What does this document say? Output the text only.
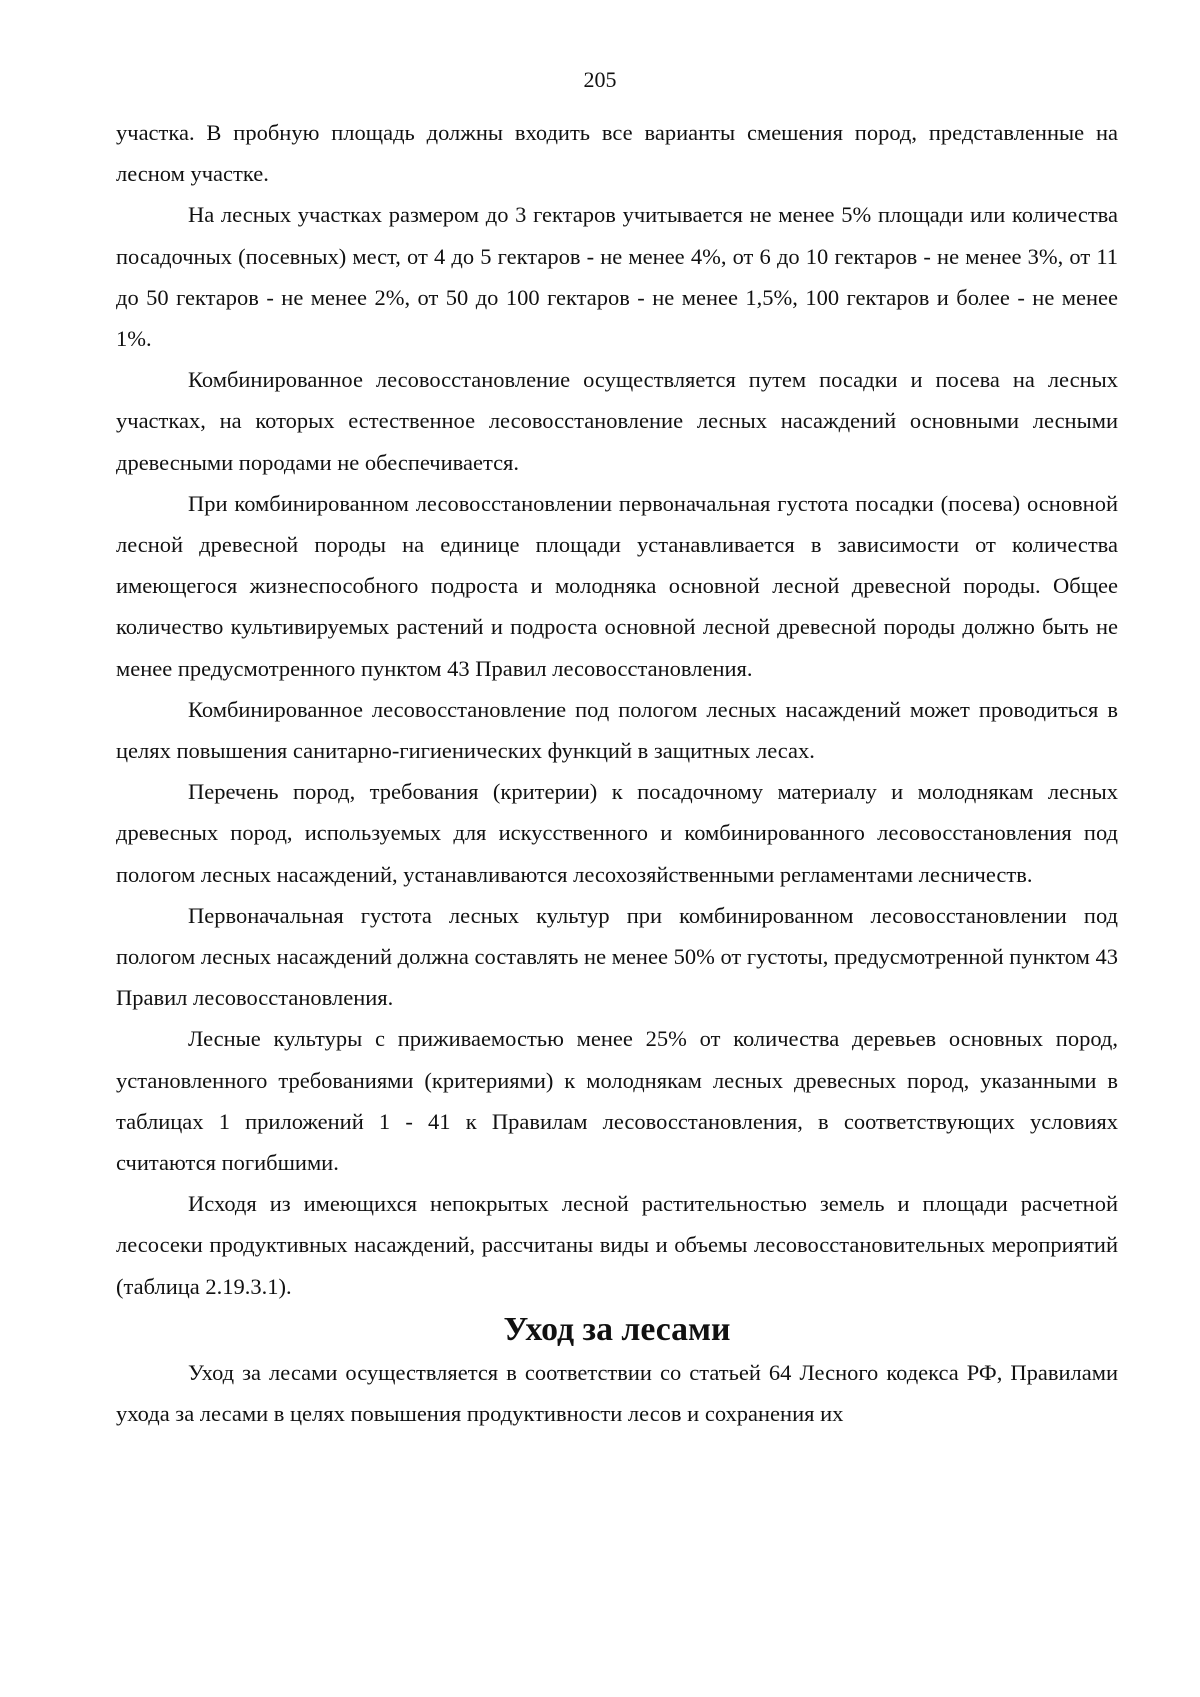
205

участка. В пробную площадь должны входить все варианты смешения пород, представленные на лесном участке.

На лесных участках размером до 3 гектаров учитывается не менее 5% площади или количества посадочных (посевных) мест, от 4 до 5 гектаров - не менее 4%, от 6 до 10 гектаров - не менее 3%, от 11 до 50 гектаров - не менее 2%, от 50 до 100 гектаров - не менее 1,5%, 100 гектаров и более - не менее 1%.

Комбинированное лесовосстановление осуществляется путем посадки и посева на лесных участках, на которых естественное лесовосстановление лесных насаждений основными лесными древесными породами не обеспечивается.

При комбинированном лесовосстановлении первоначальная густота посадки (посева) основной лесной древесной породы на единице площади устанавливается в зависимости от количества имеющегося жизнеспособного подроста и молодняка основной лесной древесной породы. Общее количество культивируемых растений и подроста основной лесной древесной породы должно быть не менее предусмотренного пунктом 43 Правил лесовосстановления.

Комбинированное лесовосстановление под пологом лесных насаждений может проводиться в целях повышения санитарно-гигиенических функций в защитных лесах.

Перечень пород, требования (критерии) к посадочному материалу и молоднякам лесных древесных пород, используемых для искусственного и комбинированного лесовосстановления под пологом лесных насаждений, устанавливаются лесохозяйственными регламентами лесничеств.

Первоначальная густота лесных культур при комбинированном лесовосстановлении под пологом лесных насаждений должна составлять не менее 50% от густоты, предусмотренной пунктом 43 Правил лесовосстановления.

Лесные культуры с приживаемостью менее 25% от количества деревьев основных пород, установленного требованиями (критериями) к молоднякам лесных древесных пород, указанными в таблицах 1 приложений 1 - 41 к Правилам лесовосстановления, в соответствующих условиях считаются погибшими.

Исходя из имеющихся непокрытых лесной растительностью земель и площади расчетной лесосеки продуктивных насаждений, рассчитаны виды и объемы лесовосстановительных мероприятий (таблица 2.19.3.1).

Уход за лесами

Уход за лесами осуществляется в соответствии со статьей 64 Лесного кодекса РФ, Правилами ухода за лесами в целях повышения продуктивности лесов и сохранения их
